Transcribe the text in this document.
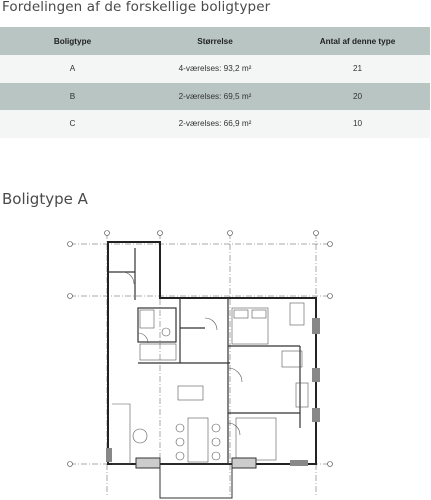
Fordelingen af de forskellige boligtyper
Boligtype	Størrelse	Antal af denne type
A	4-værelses: 93,2 m²	21
B	2-værelses: 69,5 m²	20
C	2-værelses: 66,9 m²	10
Boligtype A
